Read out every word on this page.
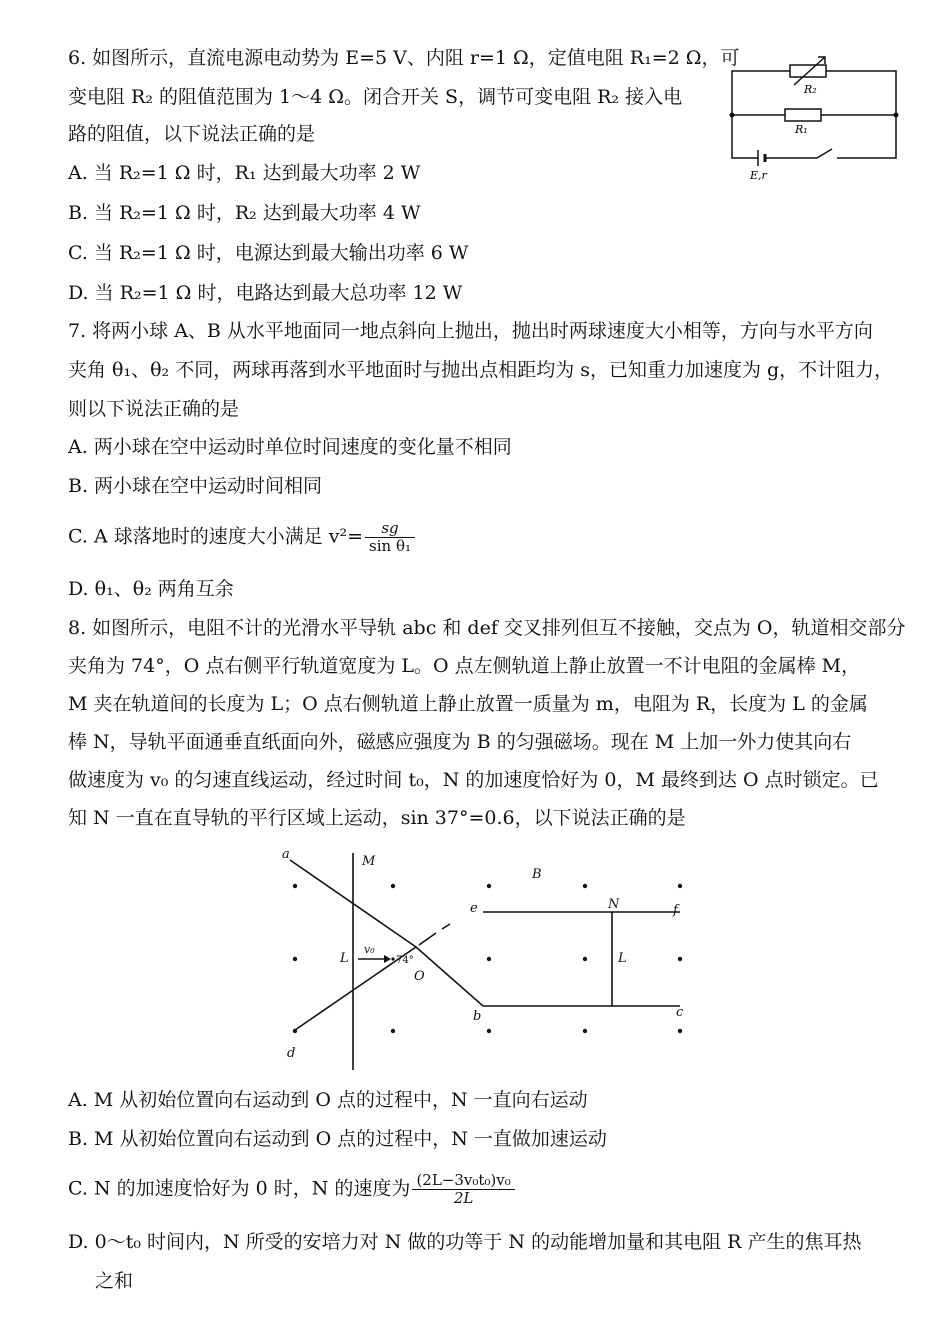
6. 如图所示，直流电源电动势为 E=5 V、内阻 r=1 Ω，定值电阻 R₁=2 Ω，可
变电阻 R₂ 的阻值范围为 1～4 Ω。闭合开关 S，调节可变电阻 R₂ 接入电
路的阻值，以下说法正确的是
A. 当 R₂=1 Ω 时，R₁ 达到最大功率 2 W
B. 当 R₂=1 Ω 时，R₂ 达到最大功率 4 W
C. 当 R₂=1 Ω 时，电源达到最大输出功率 6 W
D. 当 R₂=1 Ω 时，电路达到最大总功率 12 W
R₂
R₁
E,r
7. 将两小球 A、B 从水平地面同一地点斜向上抛出，抛出时两球速度大小相等，方向与水平方向
夹角 θ₁、θ₂ 不同，两球再落到水平地面时与抛出点相距均为 s，已知重力加速度为 g，不计阻力，
则以下说法正确的是
A. 两小球在空中运动时单位时间速度的变化量不相同
B. 两小球在空中运动时间相同
C. A 球落地时的速度大小满足 $v^2= \frac{sg}{\text{sin θ₁}}$
D. θ₁、θ₂ 两角互余
8. 如图所示，电阻不计的光滑水平导轨 abc 和 def 交叉排列但互不接触，交点为 O，轨道相交部分
夹角为 74°，O 点右侧平行轨道宽度为 L。O 点左侧轨道上静止放置一不计电阻的金属棒 M，
M 夹在轨道间的长度为 L；O 点右侧轨道上静止放置一质量为 m，电阻为 R，长度为 L 的金属
棒 N，导轨平面通垂直纸面向外，磁感应强度为 B 的匀强磁场。现在 M 上加一外力使其向右
做速度为 v₀ 的匀速直线运动，经过时间 t₀，N 的加速度恰好为 0，M 最终到达 O 点时锁定。已
知 N 一直在直导轨的平行区域上运动，sin 37°=0.6，以下说法正确的是
a	M
B
e	N	f
L
v₀
74°
O
L
b	c
d
A. M 从初始位置向右运动到 O 点的过程中，N 一直向右运动
B. M 从初始位置向右运动到 O 点的过程中，N 一直做加速运动
C. N 的加速度恰好为 0 时，N 的速度为 $\frac{\text{(2L−3v₀t₀)v₀}}{2L}$
D. 0～t₀ 时间内，N 所受的安培力对 N 做的功等于 N 的动能增加量和其电阻 R 产生的焦耳热
之和
